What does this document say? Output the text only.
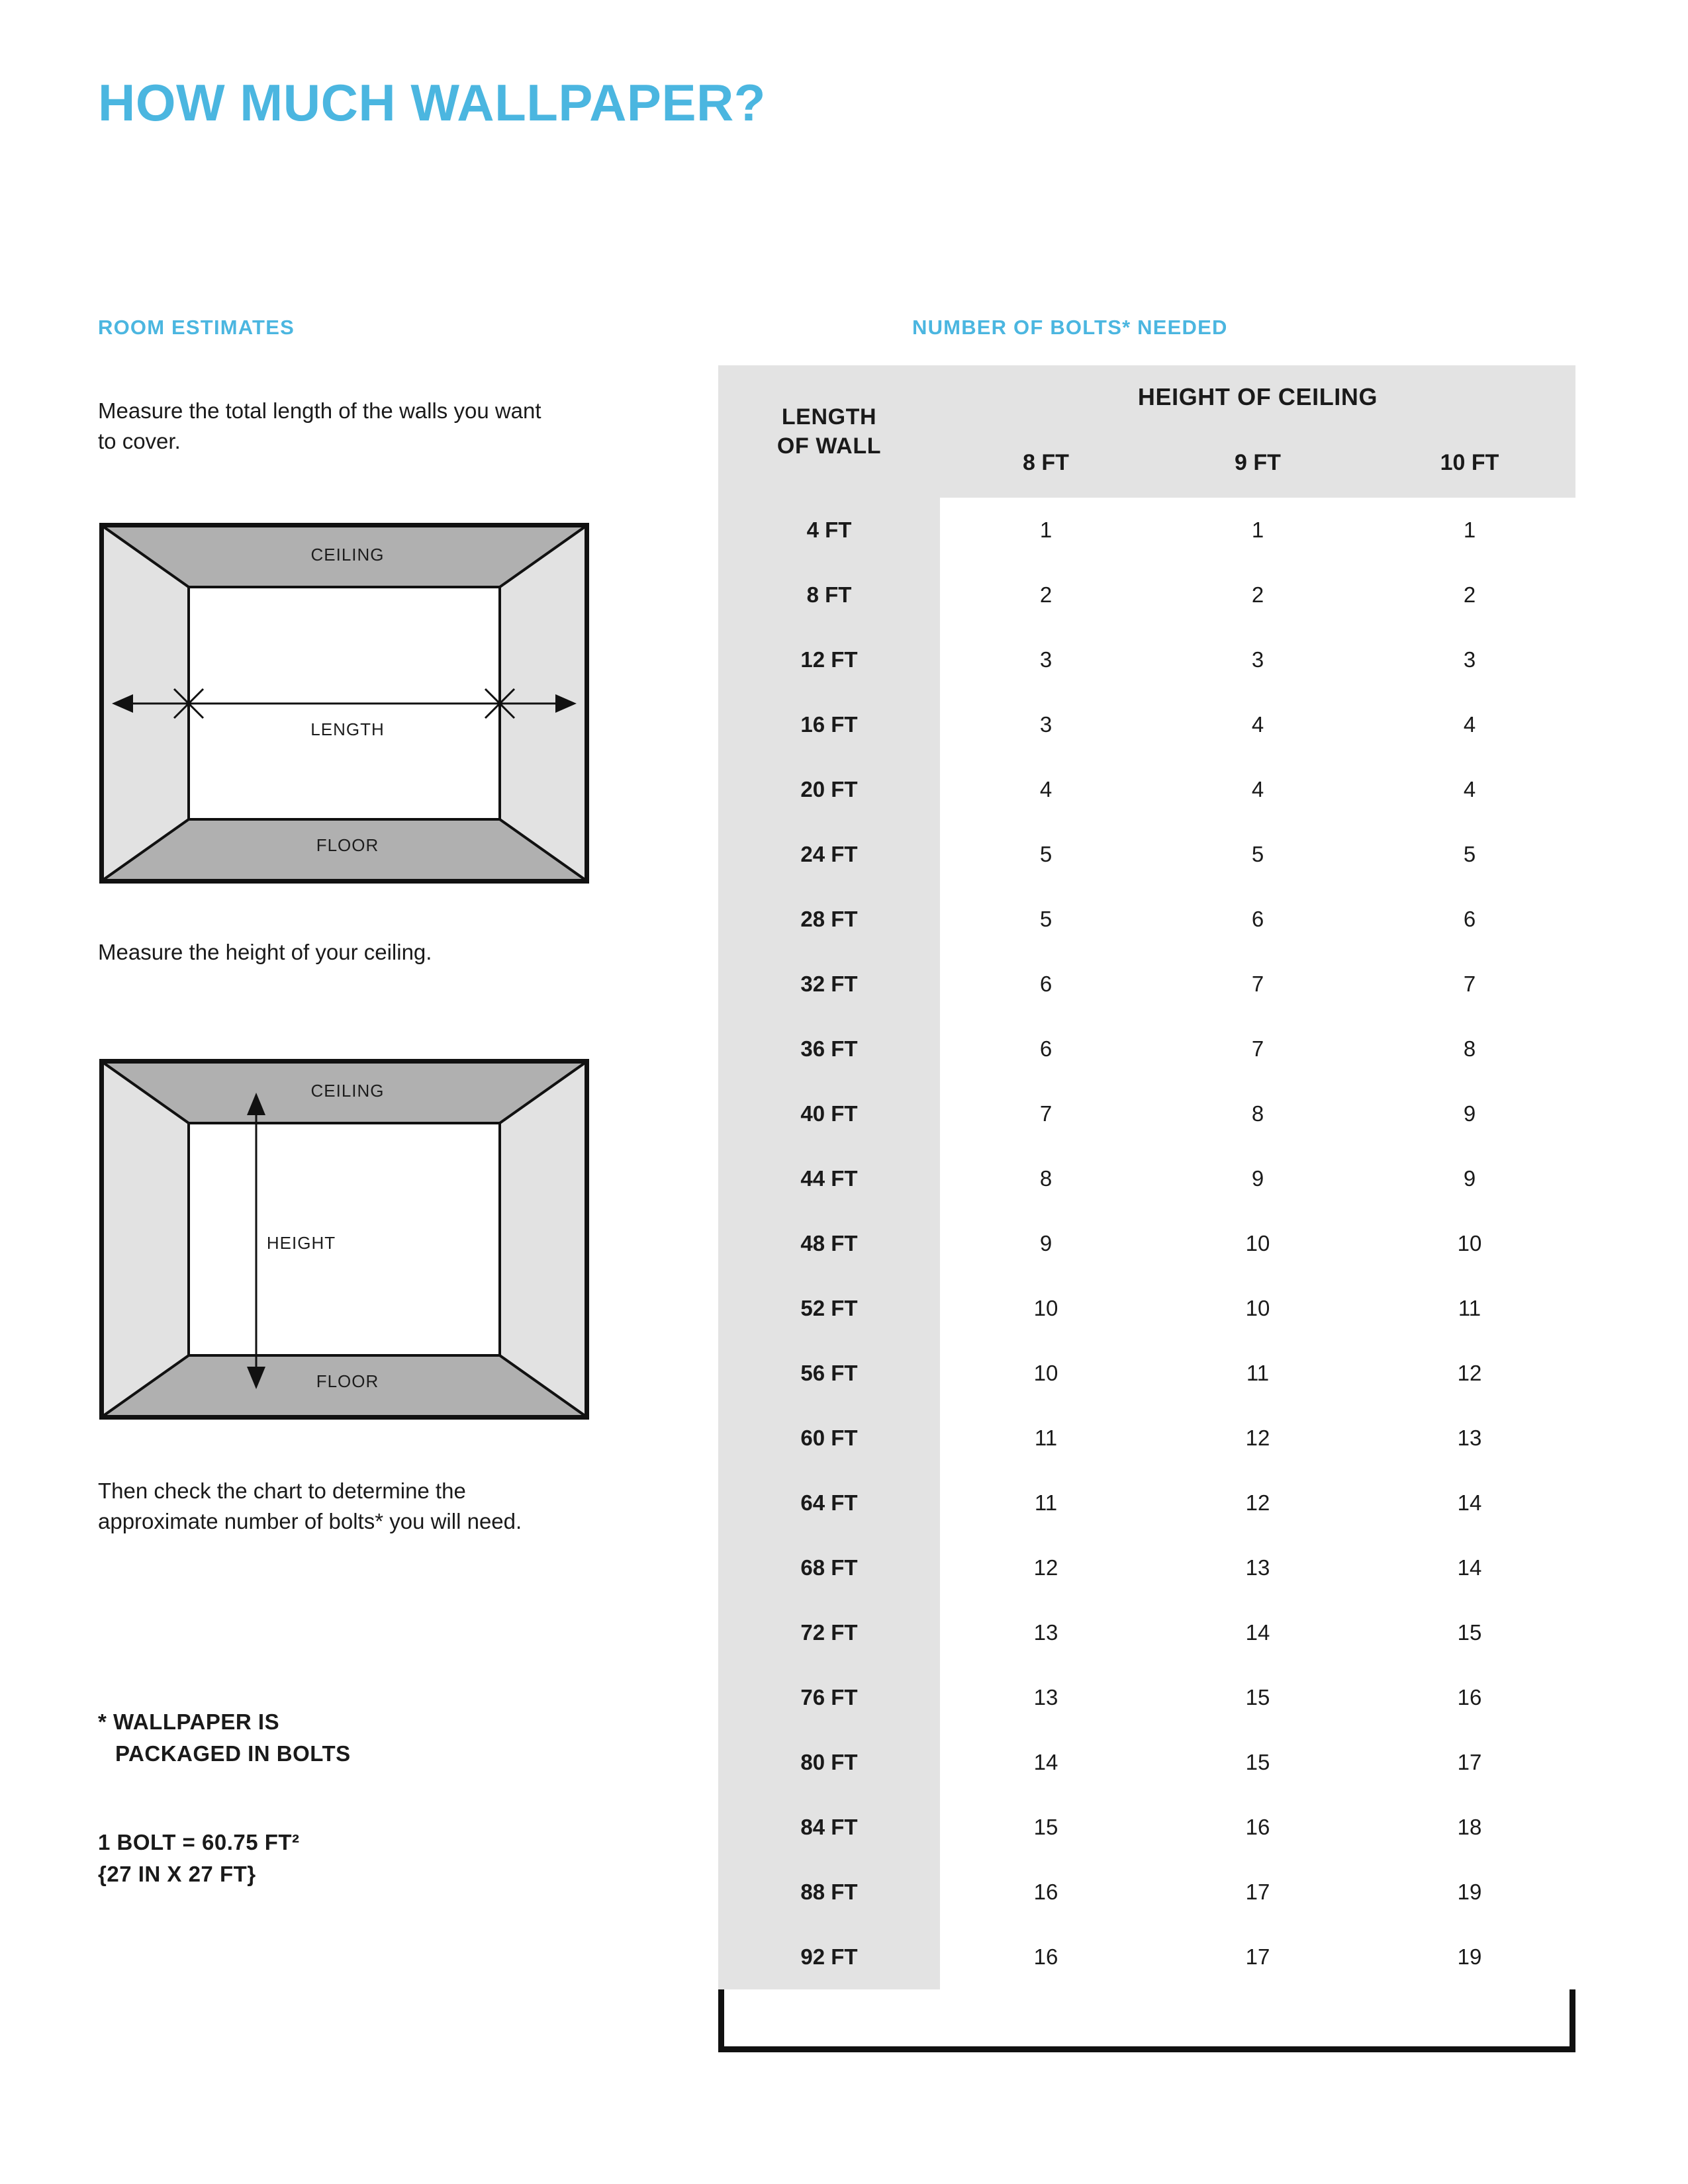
HOW MUCH WALLPAPER?
ROOM ESTIMATES	NUMBER OF BOLTS* NEEDED
Measure the total length of the walls you want to cover.
Measure the height of your ceiling.
Then check the chart to determine the approximate number of bolts* you will need.
* WALLPAPER IS

PACKAGED IN BOLTS
1 BOLT = 60.75 FT²
{27 IN X 27 FT}
CEILING
FLOOR
LENGTH
CEILING
FLOOR
HEIGHT
LENGTH
OF WALL	HEIGHT OF CEILING		
	8 FT	9 FT	10 FT
4 FT	1	1	1
8 FT	2	2	2
12 FT	3	3	3
16 FT	3	4	4
20 FT	4	4	4
24 FT	5	5	5
28 FT	5	6	6
32 FT	6	7	7
36 FT	6	7	8
40 FT	7	8	9
44 FT	8	9	9
48 FT	9	10	10
52 FT	10	10	11
56 FT	10	11	12
60 FT	11	12	13
64 FT	11	12	14
68 FT	12	13	14
72 FT	13	14	15
76 FT	13	15	16
80 FT	14	15	17
84 FT	15	16	18
88 FT	16	17	19
92 FT	16	17	19
